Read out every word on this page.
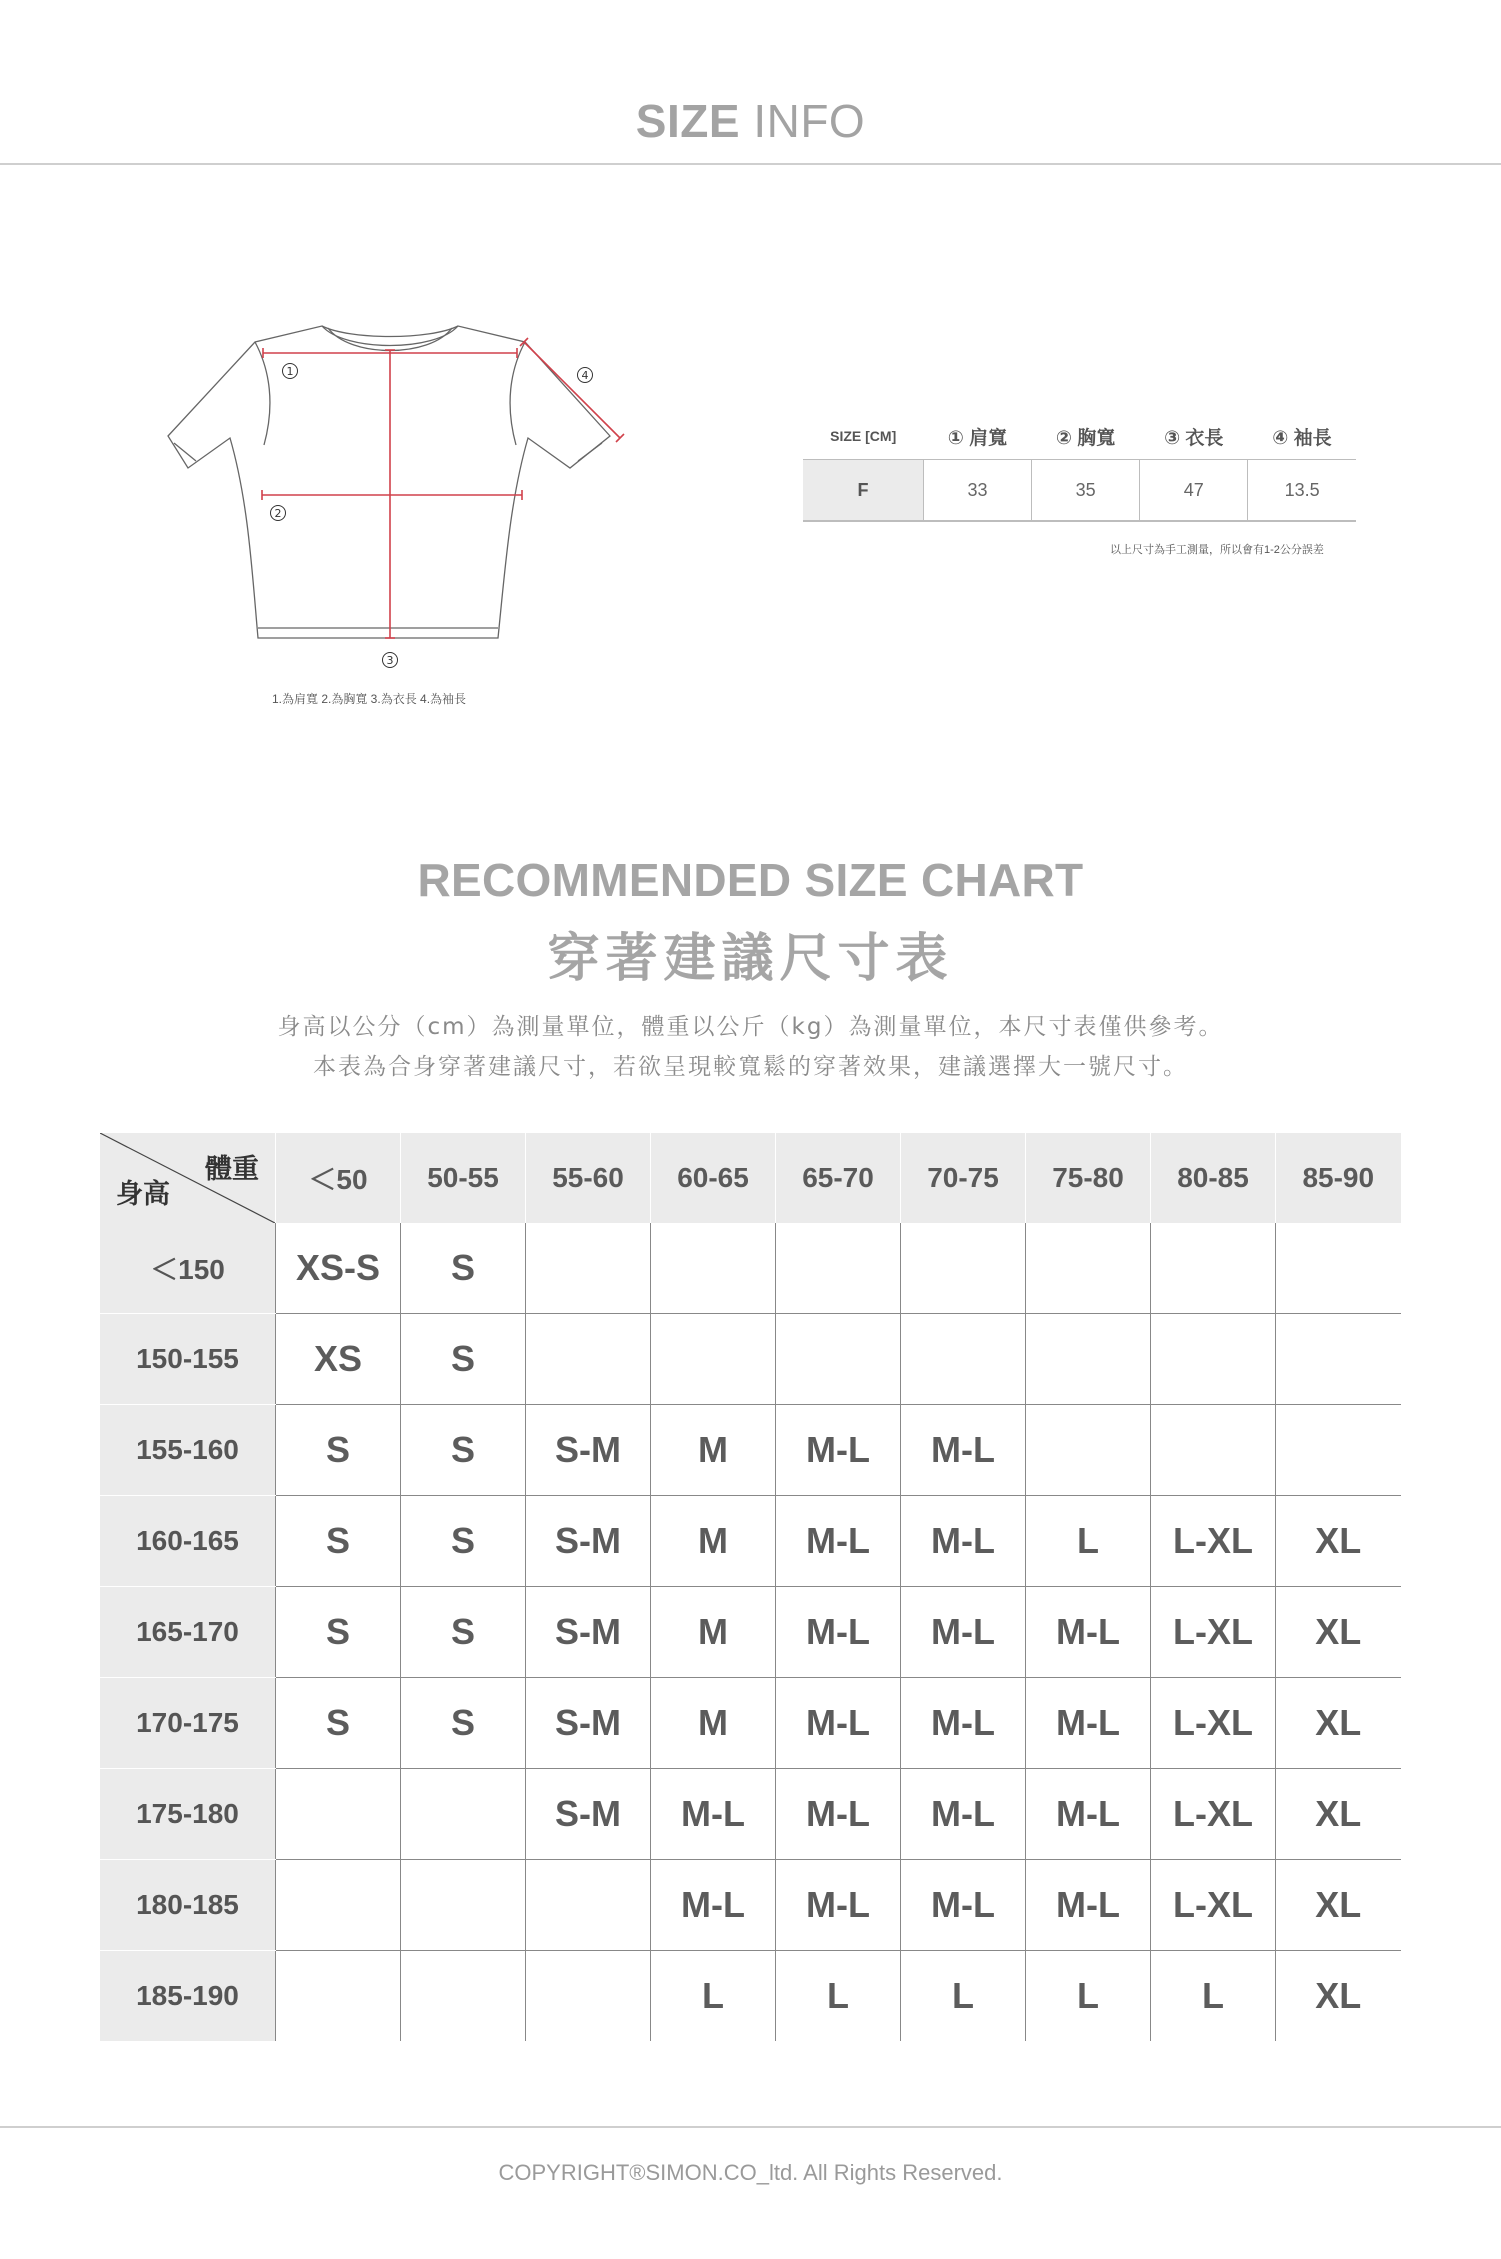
SIZE INFO
1
2
3
4
1.為肩寬 2.為胸寬 3.為衣長 4.為袖長
SIZE [CM]	① 肩寬	② 胸寬	③ 衣長	④ 袖長
F	33	35	47	13.5
以上尺寸為手工測量，所以會有1-2公分誤差
RECOMMENDED SIZE CHART
穿著建議尺寸表
身高以公分（cm）為測量單位，體重以公斤（kg）為測量單位，本尺寸表僅供參考。
本表為合身穿著建議尺寸，若欲呈現較寬鬆的穿著效果，建議選擇大一號尺寸。
體重
身高	＜50	50-55	55-60	60-65	65-70	70-75	75-80	80-85	85-90
＜150	XS-S	S							
150-155	XS	S							
155-160	S	S	S-M	M	M-L	M-L			
160-165	S	S	S-M	M	M-L	M-L	L	L-XL	XL
165-170	S	S	S-M	M	M-L	M-L	M-L	L-XL	XL
170-175	S	S	S-M	M	M-L	M-L	M-L	L-XL	XL
175-180			S-M	M-L	M-L	M-L	M-L	L-XL	XL
180-185				M-L	M-L	M-L	M-L	L-XL	XL
185-190				L	L	L	L	L	XL
COPYRIGHT®SIMON.CO_ltd. All Rights Reserved.
